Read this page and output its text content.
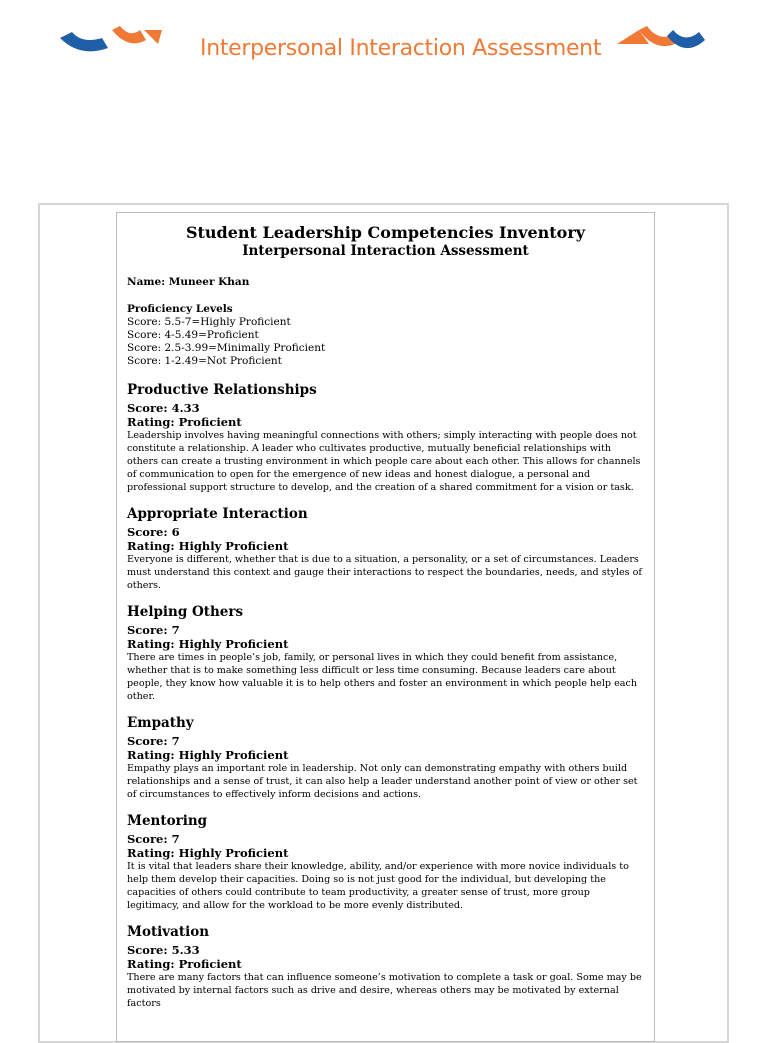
Interpersonal Interaction Assessment
Student Leadership Competencies Inventory
Interpersonal Interaction Assessment

Name: Muneer Khan

Proficiency Levels

Score: 5.5-7=Highly Proficient

Score: 4-5.49=Proficient

Score: 2.5-3.99=Minimally Proficient

Score: 1-2.49=Not Proficient

Productive Relationships

Score: 4.33

Rating: Proficient

Leadership involves having meaningful connections with others; simply interacting with people does not constitute a relationship. A leader who cultivates productive, mutually beneficial relationships with others can create a trusting environment in which people care about each other. This allows for channels of communication to open for the emergence of new ideas and honest dialogue, a personal and professional support structure to develop, and the creation of a shared commitment for a vision or task.

Appropriate Interaction

Score: 6

Rating: Highly Proficient

Everyone is different, whether that is due to a situation, a personality, or a set of circumstances. Leaders must understand this context and gauge their interactions to respect the boundaries, needs, and styles of others.

Helping Others

Score: 7

Rating: Highly Proficient

There are times in people’s job, family, or personal lives in which they could benefit from assistance, whether that is to make something less difficult or less time consuming. Because leaders care about people, they know how valuable it is to help others and foster an environment in which people help each other.

Empathy

Score: 7

Rating: Highly Proficient

Empathy plays an important role in leadership. Not only can demonstrating empathy with others build relationships and a sense of trust, it can also help a leader understand another point of view or other set of circumstances to effectively inform decisions and actions.

Mentoring

Score: 7

Rating: Highly Proficient

It is vital that leaders share their knowledge, ability, and/or experience with more novice individuals to help them develop their capacities. Doing so is not just good for the individual, but developing the capacities of others could contribute to team productivity, a greater sense of trust, more group legitimacy, and allow for the workload to be more evenly distributed.

Motivation

Score: 5.33

Rating: Proficient

There are many factors that can influence someone’s motivation to complete a task or goal. Some may be motivated by internal factors such as drive and desire, whereas others may be motivated by external factors
